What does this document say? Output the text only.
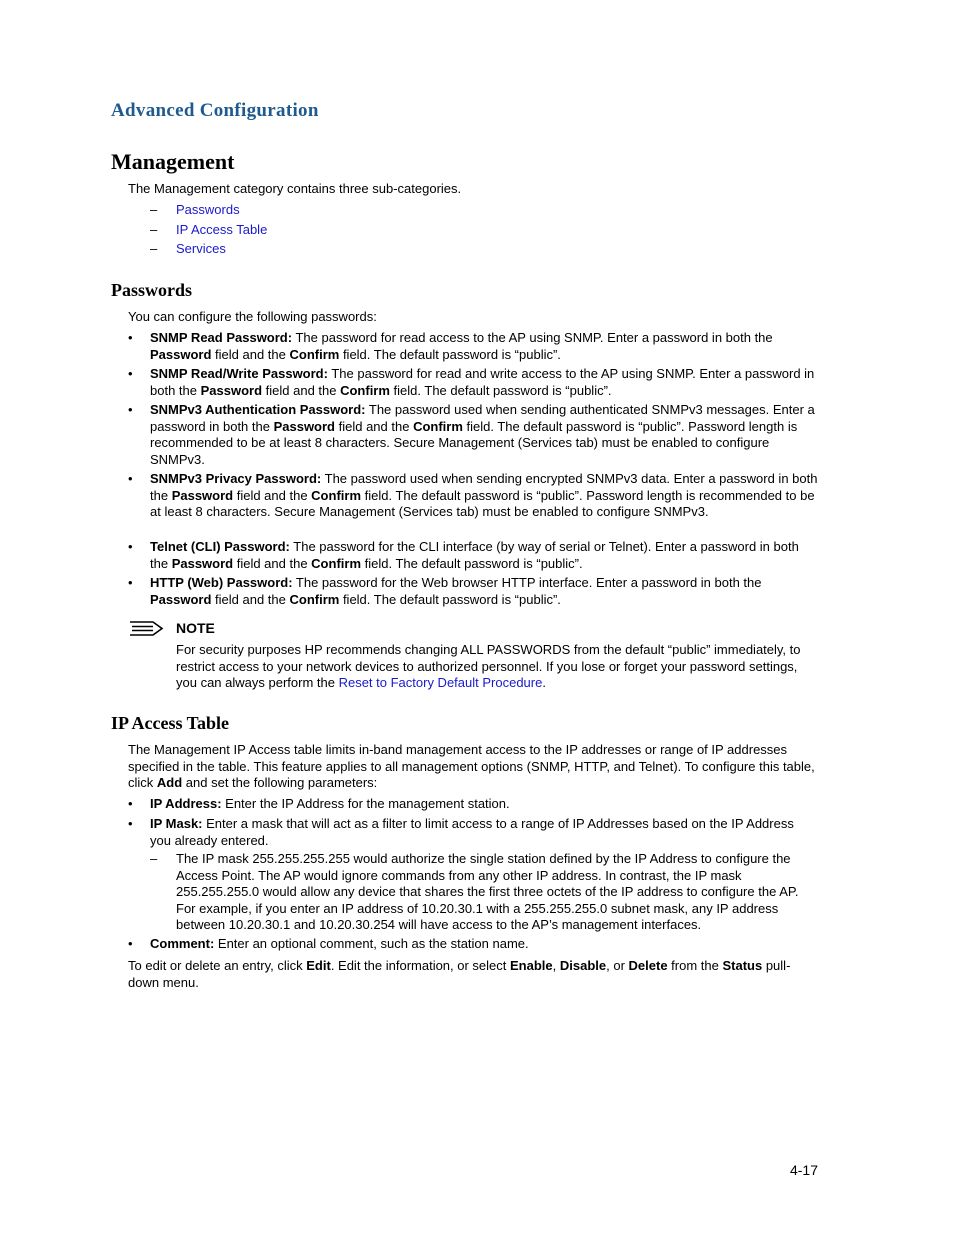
Advanced Configuration
Management
The Management category contains three sub-categories.
– Passwords
– IP Access Table
– Services
Passwords
You can configure the following passwords:
• SNMP Read Password: The password for read access to the AP using SNMP. Enter a password in both the Password field and the Confirm field. The default password is “public”.
• SNMP Read/Write Password: The password for read and write access to the AP using SNMP. Enter a password in both the Password field and the Confirm field. The default password is “public”.
• SNMPv3 Authentication Password: The password used when sending authenticated SNMPv3 messages. Enter a password in both the Password field and the Confirm field. The default password is “public”. Password length is recommended to be at least 8 characters. Secure Management (Services tab) must be enabled to configure SNMPv3.
• SNMPv3 Privacy Password: The password used when sending encrypted SNMPv3 data. Enter a password in both the Password field and the Confirm field. The default password is “public”. Password length is recommended to be at least 8 characters. Secure Management (Services tab) must be enabled to configure SNMPv3.
• Telnet (CLI) Password: The password for the CLI interface (by way of serial or Telnet). Enter a password in both the Password field and the Confirm field. The default password is “public”.
• HTTP (Web) Password: The password for the Web browser HTTP interface. Enter a password in both the Password field and the Confirm field. The default password is “public”.
NOTE
For security purposes HP recommends changing ALL PASSWORDS from the default “public” immediately, to restrict access to your network devices to authorized personnel. If you lose or forget your password settings, you can always perform the Reset to Factory Default Procedure.
IP Access Table
The Management IP Access table limits in-band management access to the IP addresses or range of IP addresses specified in the table. This feature applies to all management options (SNMP, HTTP, and Telnet). To configure this table, click Add and set the following parameters:
• IP Address: Enter the IP Address for the management station.
• IP Mask: Enter a mask that will act as a filter to limit access to a range of IP Addresses based on the IP Address you already entered.
– The IP mask 255.255.255.255 would authorize the single station defined by the IP Address to configure the Access Point. The AP would ignore commands from any other IP address. In contrast, the IP mask 255.255.255.0 would allow any device that shares the first three octets of the IP address to configure the AP. For example, if you enter an IP address of 10.20.30.1 with a 255.255.255.0 subnet mask, any IP address between 10.20.30.1 and 10.20.30.254 will have access to the AP’s management interfaces.
• Comment: Enter an optional comment, such as the station name.
To edit or delete an entry, click Edit. Edit the information, or select Enable, Disable, or Delete from the Status pull-down menu.
4-17
